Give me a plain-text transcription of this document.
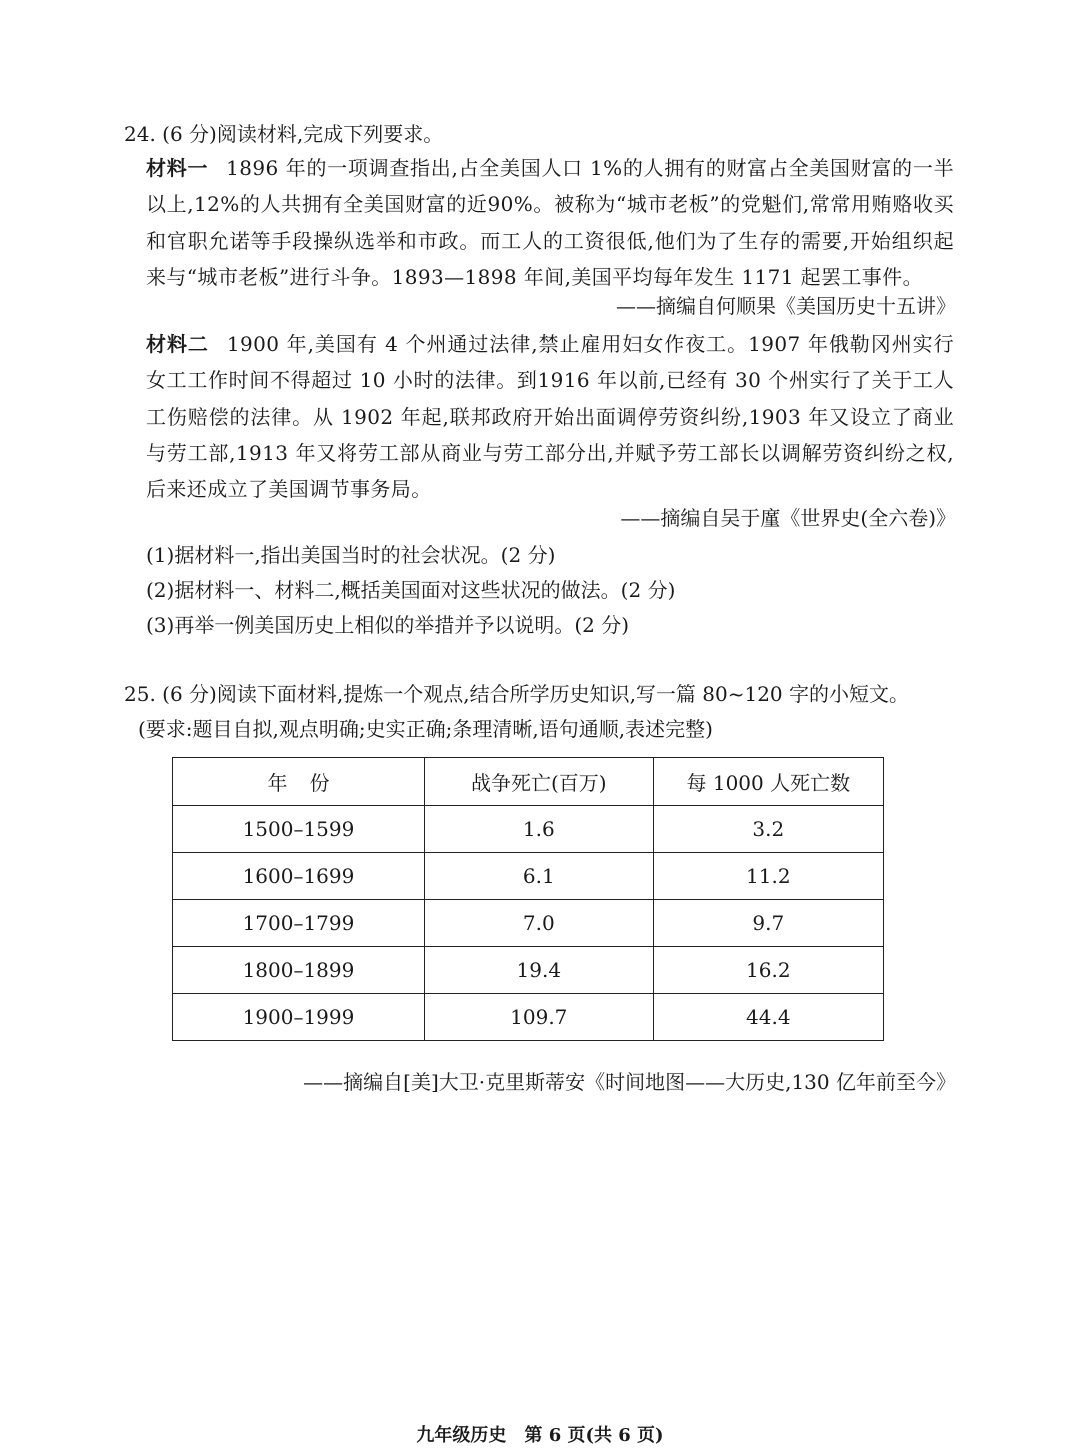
24. (6 分)阅读材料,完成下列要求。
材料一 1896 年的一项调查指出,占全美国人口 1%的人拥有的财富占全美国财富的一半以上,12%的人共拥有全美国财富的近90%。被称为“城市老板”的党魁们,常常用贿赂收买和官职允诺等手段操纵选举和市政。而工人的工资很低,他们为了生存的需要,开始组织起来与“城市老板”进行斗争。1893—1898 年间,美国平均每年发生 1171 起罢工事件。
——摘编自何顺果《美国历史十五讲》
材料二 1900 年,美国有 4 个州通过法律,禁止雇用妇女作夜工。1907 年俄勒冈州实行女工工作时间不得超过 10 小时的法律。到1916 年以前,已经有 30 个州实行了关于工人工伤赔偿的法律。从 1902 年起,联邦政府开始出面调停劳资纠纷,1903 年又设立了商业与劳工部,1913 年又将劳工部从商业与劳工部分出,并赋予劳工部长以调解劳资纠纷之权,后来还成立了美国调节事务局。
——摘编自吴于廑《世界史(全六卷)》
(1)据材料一,指出美国当时的社会状况。(2 分)
(2)据材料一、材料二,概括美国面对这些状况的做法。(2 分)
(3)再举一例美国历史上相似的举措并予以说明。(2 分)
25. (6 分)阅读下面材料,提炼一个观点,结合所学历史知识,写一篇 80~120 字的小短文。
(要求:题目自拟,观点明确;史实正确;条理清晰,语句通顺,表述完整)
年份	战争死亡(百万)	每 1000 人死亡数
1500–1599	1.6	3.2
1600–1699	6.1	11.2
1700–1799	7.0	9.7
1800–1899	19.4	16.2
1900–1999	109.7	44.4
——摘编自[美]大卫·克里斯蒂安《时间地图——大历史,130 亿年前至今》
九年级历史　第 6 页(共 6 页)
